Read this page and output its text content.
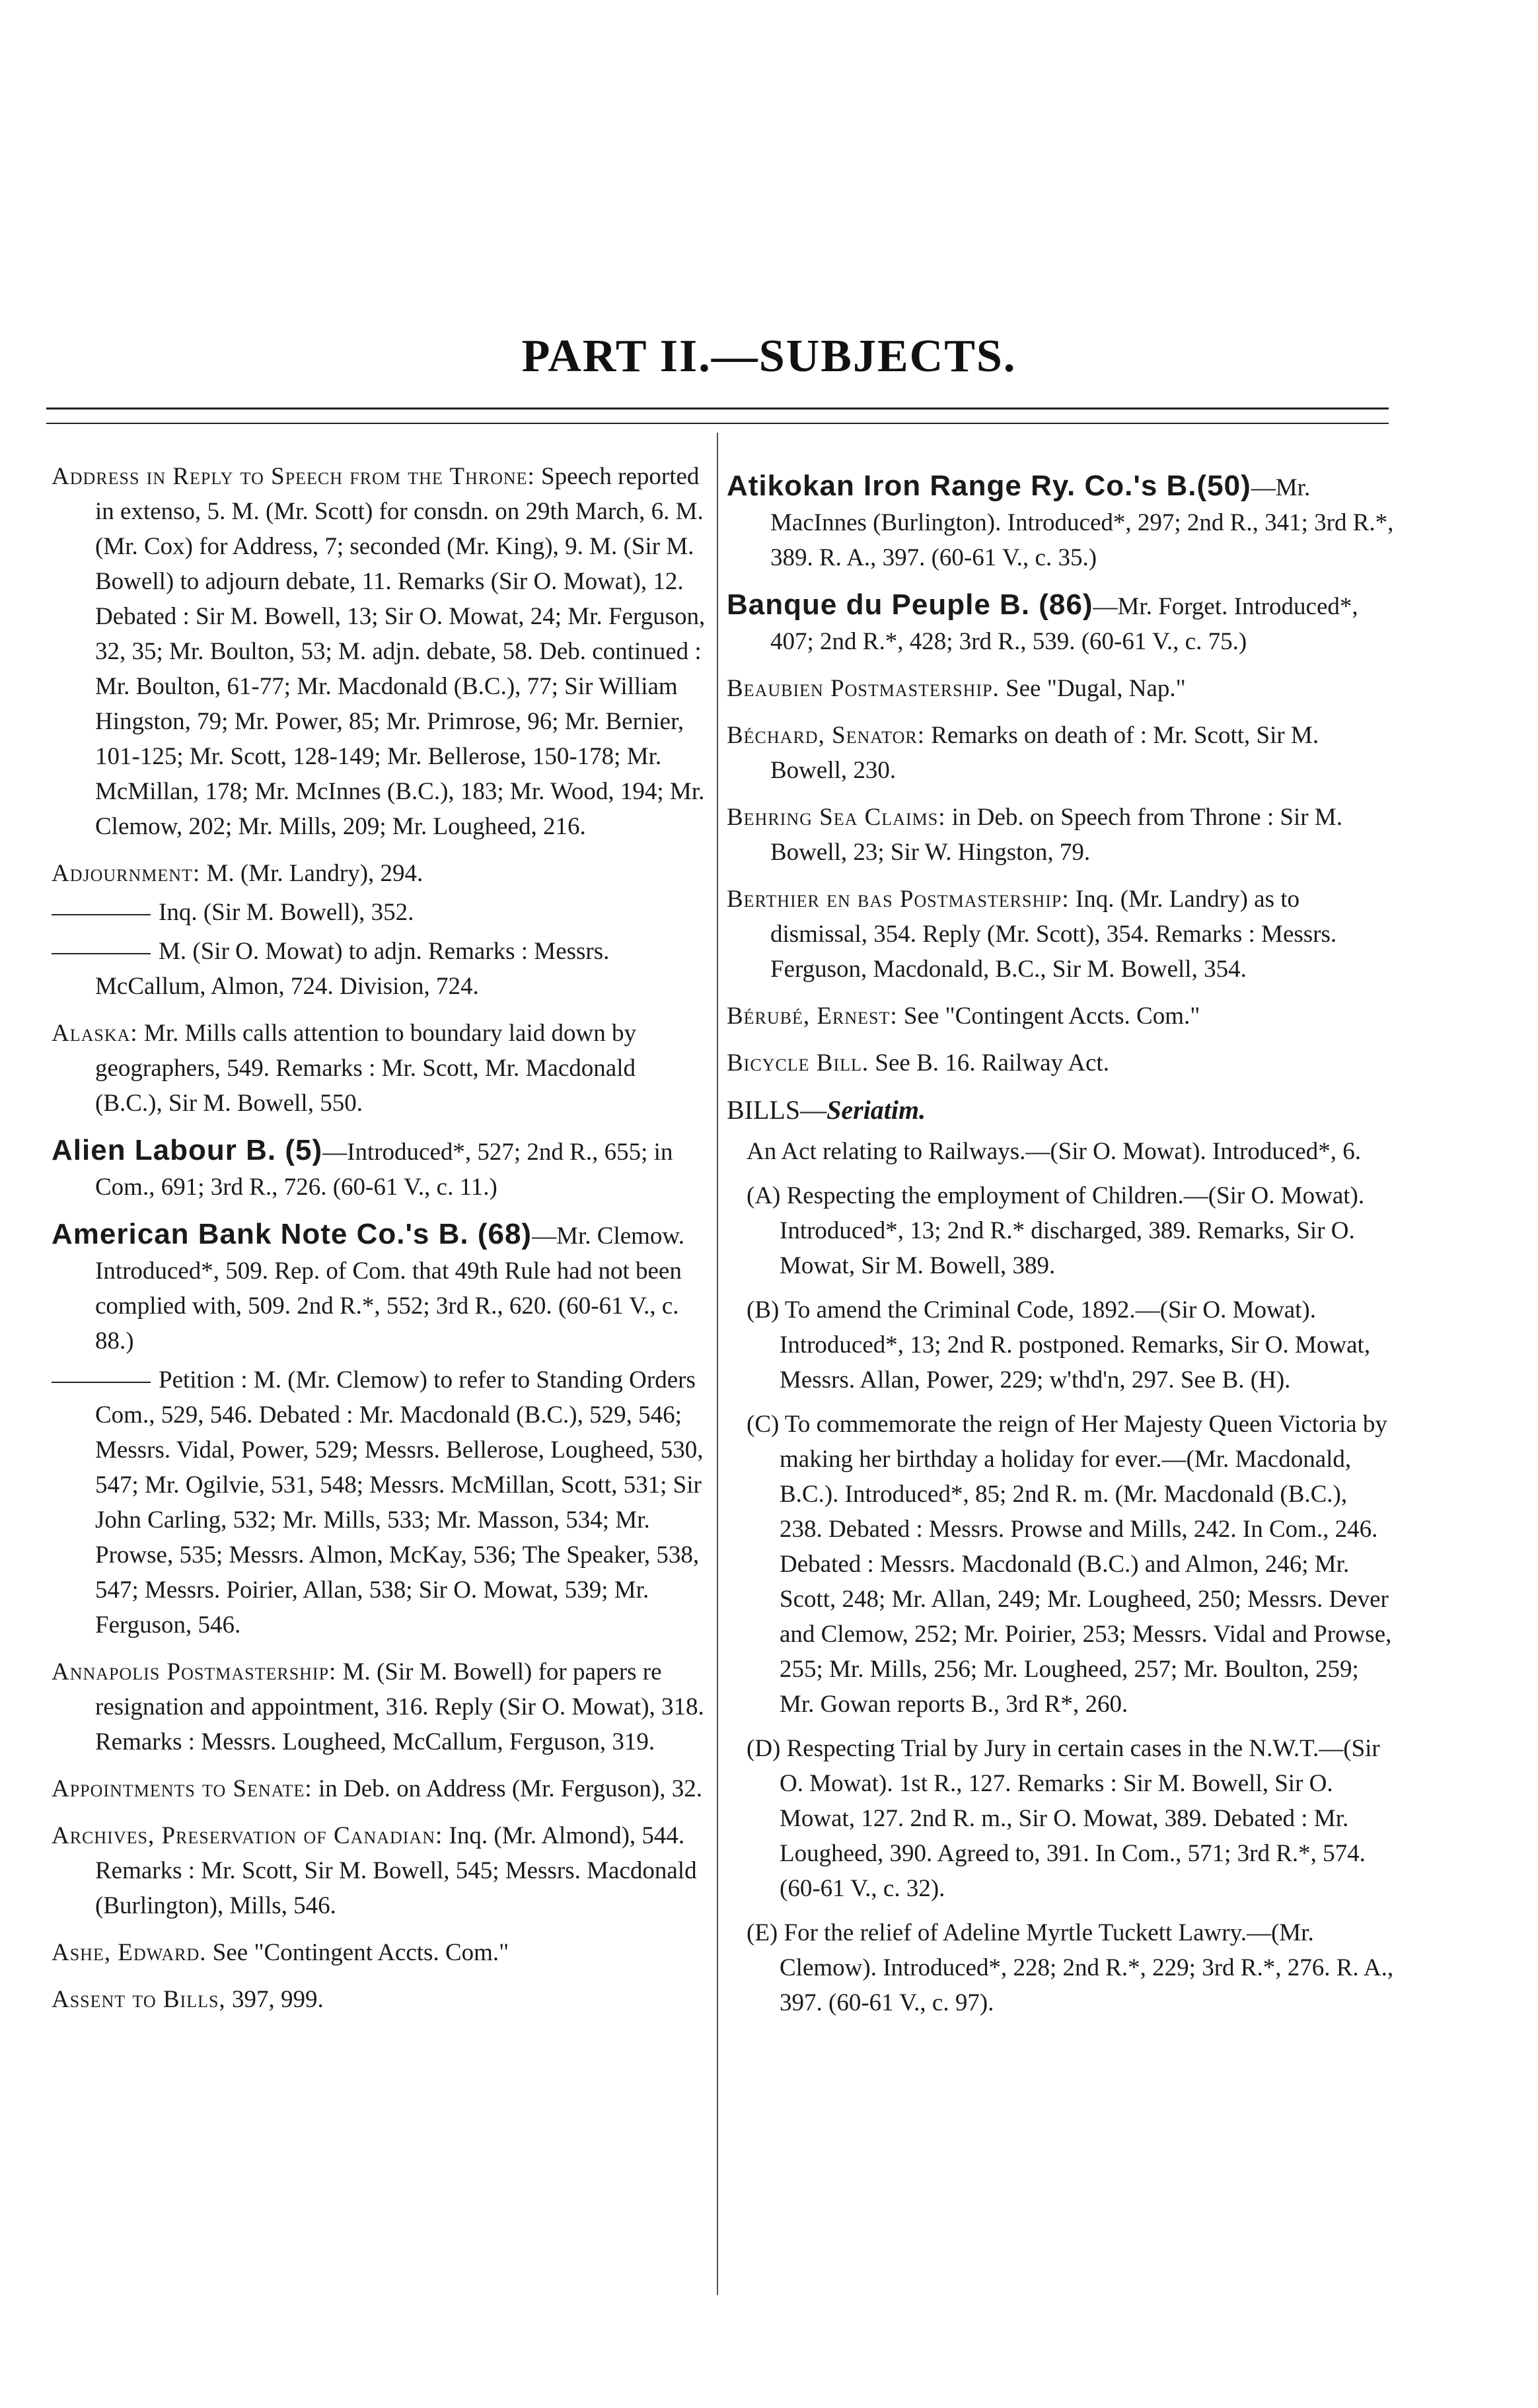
PART II.—SUBJECTS.
Address in Reply to Speech from the Throne: Speech reported in extenso, 5. M. (Mr. Scott) for consdn. on 29th March, 6. M. (Mr. Cox) for Address, 7; seconded (Mr. King), 9. M. (Sir M. Bowell) to adjourn debate, 11. Remarks (Sir O. Mowat), 12. Debated : Sir M. Bowell, 13; Sir O. Mowat, 24; Mr. Ferguson, 32, 35; Mr. Boulton, 53; M. adjn. debate, 58. Deb. continued : Mr. Boulton, 61-77; Mr. Macdonald (B.C.), 77; Sir William Hingston, 79; Mr. Power, 85; Mr. Primrose, 96; Mr. Bernier, 101-125; Mr. Scott, 128-149; Mr. Bellerose, 150-178; Mr. McMillan, 178; Mr. McInnes (B.C.), 183; Mr. Wood, 194; Mr. Clemow, 202; Mr. Mills, 209; Mr. Lougheed, 216.
Adjournment: M. (Mr. Landry), 294.
Inq. (Sir M. Bowell), 352.
M. (Sir O. Mowat) to adjn. Remarks : Messrs. McCallum, Almon, 724. Division, 724.
Alaska: Mr. Mills calls attention to boundary laid down by geographers, 549. Remarks : Mr. Scott, Mr. Macdonald (B.C.), Sir M. Bowell, 550.
Alien Labour B. (5)—Introduced*, 527; 2nd R., 655; in Com., 691; 3rd R., 726. (60-61 V., c. 11.)
American Bank Note Co.'s B. (68)—Mr. Clemow. Introduced*, 509. Rep. of Com. that 49th Rule had not been complied with, 509. 2nd R.*, 552; 3rd R., 620. (60-61 V., c. 88.)
Petition : M. (Mr. Clemow) to refer to Standing Orders Com., 529, 546. Debated : Mr. Macdonald (B.C.), 529, 546; Messrs. Vidal, Power, 529; Messrs. Bellerose, Lougheed, 530, 547; Mr. Ogilvie, 531, 548; Messrs. McMillan, Scott, 531; Sir John Carling, 532; Mr. Mills, 533; Mr. Masson, 534; Mr. Prowse, 535; Messrs. Almon, McKay, 536; The Speaker, 538, 547; Messrs. Poirier, Allan, 538; Sir O. Mowat, 539; Mr. Ferguson, 546.
Annapolis Postmastership: M. (Sir M. Bowell) for papers re resignation and appointment, 316. Reply (Sir O. Mowat), 318. Remarks : Messrs. Lougheed, McCallum, Ferguson, 319.
Appointments to Senate: in Deb. on Address (Mr. Ferguson), 32.
Archives, Preservation of Canadian: Inq. (Mr. Almond), 544. Remarks : Mr. Scott, Sir M. Bowell, 545; Messrs. Macdonald (Burlington), Mills, 546.
Ashe, Edward. See "Contingent Accts. Com."
Assent to Bills, 397, 999.
Atikokan Iron Range Ry. Co.'s B.(50)—Mr. MacInnes (Burlington). Introduced*, 297; 2nd R., 341; 3rd R.*, 389. R. A., 397. (60-61 V., c. 35.)
Banque du Peuple B. (86)—Mr. Forget. Introduced*, 407; 2nd R.*, 428; 3rd R., 539. (60-61 V., c. 75.)
Beaubien Postmastership. See "Dugal, Nap."
Béchard, Senator: Remarks on death of : Mr. Scott, Sir M. Bowell, 230.
Behring Sea Claims: in Deb. on Speech from Throne : Sir M. Bowell, 23; Sir W. Hingston, 79.
Berthier en bas Postmastership: Inq. (Mr. Landry) as to dismissal, 354. Reply (Mr. Scott), 354. Remarks : Messrs. Ferguson, Macdonald, B.C., Sir M. Bowell, 354.
Bérubé, Ernest: See "Contingent Accts. Com."
Bicycle Bill. See B. 16. Railway Act.
BILLS—Seriatim.
An Act relating to Railways.—(Sir O. Mowat). Introduced*, 6.
(A) Respecting the employment of Children.—(Sir O. Mowat). Introduced*, 13; 2nd R.* discharged, 389. Remarks, Sir O. Mowat, Sir M. Bowell, 389.
(B) To amend the Criminal Code, 1892.—(Sir O. Mowat). Introduced*, 13; 2nd R. postponed. Remarks, Sir O. Mowat, Messrs. Allan, Power, 229; w'thd'n, 297. See B. (H).
(C) To commemorate the reign of Her Majesty Queen Victoria by making her birthday a holiday for ever.—(Mr. Macdonald, B.C.). Introduced*, 85; 2nd R. m. (Mr. Macdonald (B.C.), 238. Debated : Messrs. Prowse and Mills, 242. In Com., 246. Debated : Messrs. Macdonald (B.C.) and Almon, 246; Mr. Scott, 248; Mr. Allan, 249; Mr. Lougheed, 250; Messrs. Dever and Clemow, 252; Mr. Poirier, 253; Messrs. Vidal and Prowse, 255; Mr. Mills, 256; Mr. Lougheed, 257; Mr. Boulton, 259; Mr. Gowan reports B., 3rd R*, 260.
(D) Respecting Trial by Jury in certain cases in the N.W.T.—(Sir O. Mowat). 1st R., 127. Remarks : Sir M. Bowell, Sir O. Mowat, 127. 2nd R. m., Sir O. Mowat, 389. Debated : Mr. Lougheed, 390. Agreed to, 391. In Com., 571; 3rd R.*, 574. (60-61 V., c. 32).
(E) For the relief of Adeline Myrtle Tuckett Lawry.—(Mr. Clemow). Introduced*, 228; 2nd R.*, 229; 3rd R.*, 276. R. A., 397. (60-61 V., c. 97).
